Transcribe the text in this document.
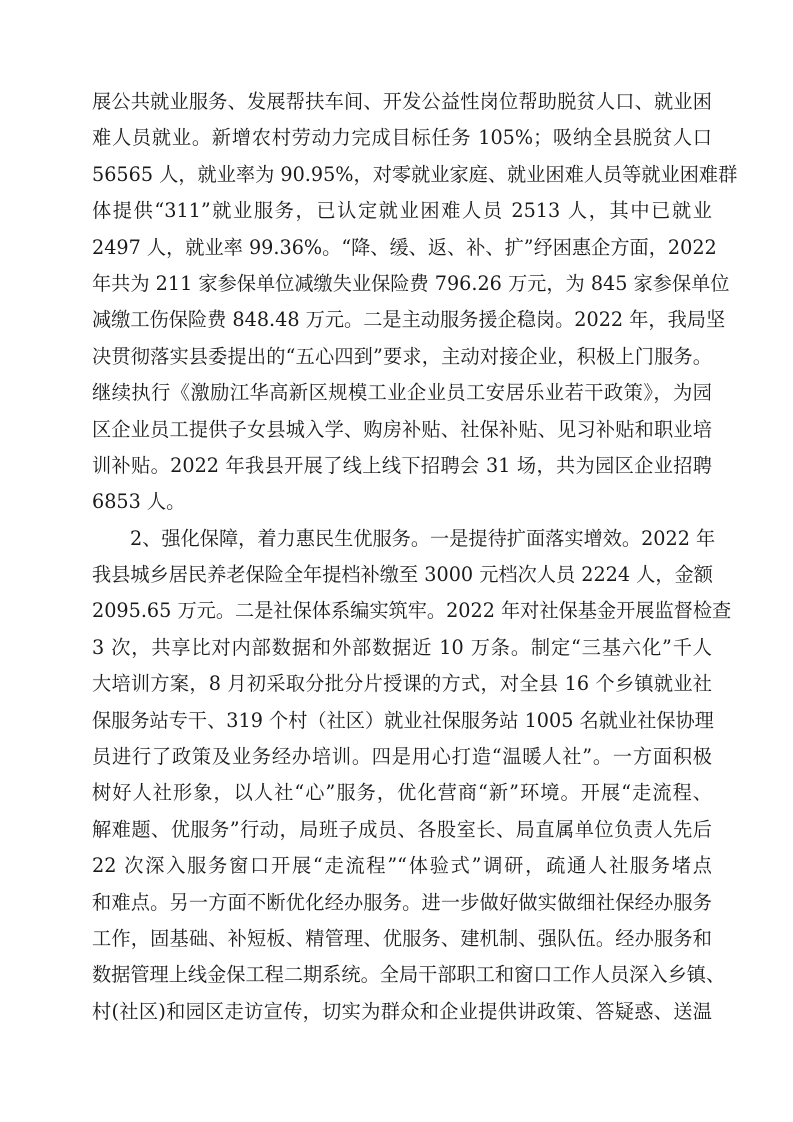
展公共就业服务、发展帮扶车间、开发公益性岗位帮助脱贫人口、就业困
难人员就业。新增农村劳动力完成目标任务 105%；吸纳全县脱贫人口
56565 人，就业率为 90.95%，对零就业家庭、就业困难人员等就业困难群
体提供“311”就业服务，已认定就业困难人员 2513 人，其中已就业
2497 人，就业率 99.36%。“降、缓、返、补、扩”纾困惠企方面，2022
年共为 211 家参保单位减缴失业保险费 796.26 万元，为 845 家参保单位
减缴工伤保险费 848.48 万元。二是主动服务援企稳岗。2022 年，我局坚
决贯彻落实县委提出的“五心四到”要求，主动对接企业，积极上门服务。
继续执行《激励江华高新区规模工业企业员工安居乐业若干政策》，为园
区企业员工提供子女县城入学、购房补贴、社保补贴、见习补贴和职业培
训补贴。2022 年我县开展了线上线下招聘会 31 场，共为园区企业招聘
6853 人。
2、强化保障，着力惠民生优服务。一是提待扩面落实增效。2022 年
我县城乡居民养老保险全年提档补缴至 3000 元档次人员 2224 人，金额
2095.65 万元。二是社保体系编实筑牢。2022 年对社保基金开展监督检查
3 次，共享比对内部数据和外部数据近 10 万条。制定“三基六化”千人
大培训方案，8 月初采取分批分片授课的方式，对全县 16 个乡镇就业社
保服务站专干、319 个村（社区）就业社保服务站 1005 名就业社保协理
员进行了政策及业务经办培训。四是用心打造“温暖人社”。一方面积极
树好人社形象，以人社“心”服务，优化营商“新”环境。开展“走流程、
解难题、优服务”行动，局班子成员、各股室长、局直属单位负责人先后
22 次深入服务窗口开展“走流程”“体验式”调研，疏通人社服务堵点
和难点。另一方面不断优化经办服务。进一步做好做实做细社保经办服务
工作，固基础、补短板、精管理、优服务、建机制、强队伍。经办服务和
数据管理上线金保工程二期系统。全局干部职工和窗口工作人员深入乡镇、
村(社区)和园区走访宣传，切实为群众和企业提供讲政策、答疑惑、送温
